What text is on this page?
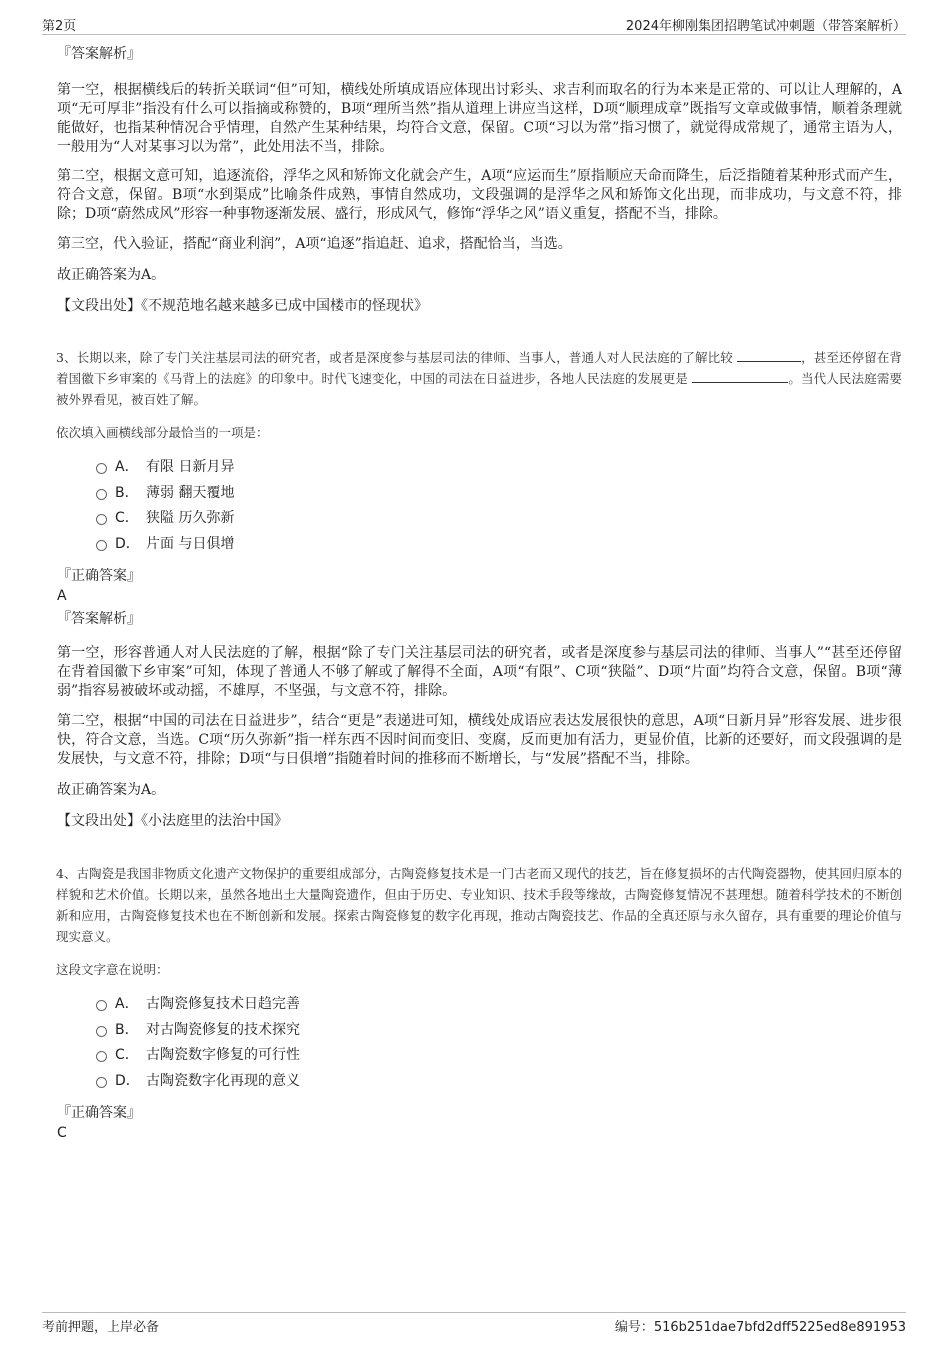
第2页	2024年柳刚集团招聘笔试冲刺题（带答案解析）

『答案解析』

第一空，根据横线后的转折关联词“但”可知，横线处所填成语应体现出讨彩头、求吉利而取名的行为本来是正常的、可以让人理解的，A项“无可厚非”指没有什么可以指摘或称赞的，B项“理所当然”指从道理上讲应当这样，D项“顺理成章”既指写文章或做事情，顺着条理就能做好，也指某种情况合乎情理，自然产生某种结果，均符合文意，保留。C项“习以为常”指习惯了，就觉得成常规了，通常主语为人，一般用为“人对某事习以为常”，此处用法不当，排除。

第二空，根据文意可知，追逐流俗，浮华之风和矫饰文化就会产生，A项“应运而生”原指顺应天命而降生，后泛指随着某种形式而产生，符合文意，保留。B项“水到渠成”比喻条件成熟，事情自然成功，文段强调的是浮华之风和矫饰文化出现，而非成功，与文意不符，排除；D项“蔚然成风”形容一种事物逐渐发展、盛行，形成风气，修饰“浮华之风”语义重复，搭配不当，排除。

第三空，代入验证，搭配“商业利润”，A项“追逐”指追赶、追求，搭配恰当，当选。

故正确答案为A。

【文段出处】《不规范地名越来越多已成中国楼市的怪现状》

3、长期以来，除了专门关注基层司法的研究者，或者是深度参与基层司法的律师、当事人，普通人对人民法庭的了解比较	，甚至还停留在背着国徽下乡审案的《马背上的法庭》的印象中。时代飞速变化，中国的司法在日益进步，各地人民法庭的发展更是	。当代人民法庭需要被外界看见，被百姓了解。

依次填入画横线部分最恰当的一项是：

A． 有限 日新月异
B． 薄弱 翻天覆地
C． 狭隘 历久弥新
D． 片面 与日俱增

『正确答案』

A

『答案解析』

第一空，形容普通人对人民法庭的了解，根据“除了专门关注基层司法的研究者，或者是深度参与基层司法的律师、当事人”“甚至还停留在背着国徽下乡审案”可知，体现了普通人不够了解或了解得不全面，A项“有限”、C项“狭隘”、D项“片面”均符合文意，保留。B项“薄弱”指容易被破坏或动摇，不雄厚，不坚强，与文意不符，排除。

第二空，根据“中国的司法在日益进步”，结合“更是”表递进可知，横线处成语应表达发展很快的意思，A项“日新月异”形容发展、进步很快，符合文意，当选。C项“历久弥新”指一样东西不因时间而变旧、变腐，反而更加有活力，更显价值，比新的还要好，而文段强调的是发展快，与文意不符，排除；D项“与日俱增”指随着时间的推移而不断增长，与“发展”搭配不当，排除。

故正确答案为A。

【文段出处】《小法庭里的法治中国》

4、古陶瓷是我国非物质文化遗产文物保护的重要组成部分，古陶瓷修复技术是一门古老而又现代的技艺，旨在修复损坏的古代陶瓷器物，使其回归原本的样貌和艺术价值。长期以来，虽然各地出土大量陶瓷遗作，但由于历史、专业知识、技术手段等缘故，古陶瓷修复情况不甚理想。随着科学技术的不断创新和应用，古陶瓷修复技术也在不断创新和发展。探索古陶瓷修复的数字化再现，推动古陶瓷技艺、作品的全真还原与永久留存，具有重要的理论价值与现实意义。

这段文字意在说明：

A． 古陶瓷修复技术日趋完善
B． 对古陶瓷修复的技术探究
C． 古陶瓷数字修复的可行性
D． 古陶瓷数字化再现的意义

『正确答案』

C

考前押题，上岸必备	编号：516b251dae7bfd2dff5225ed8e891953
